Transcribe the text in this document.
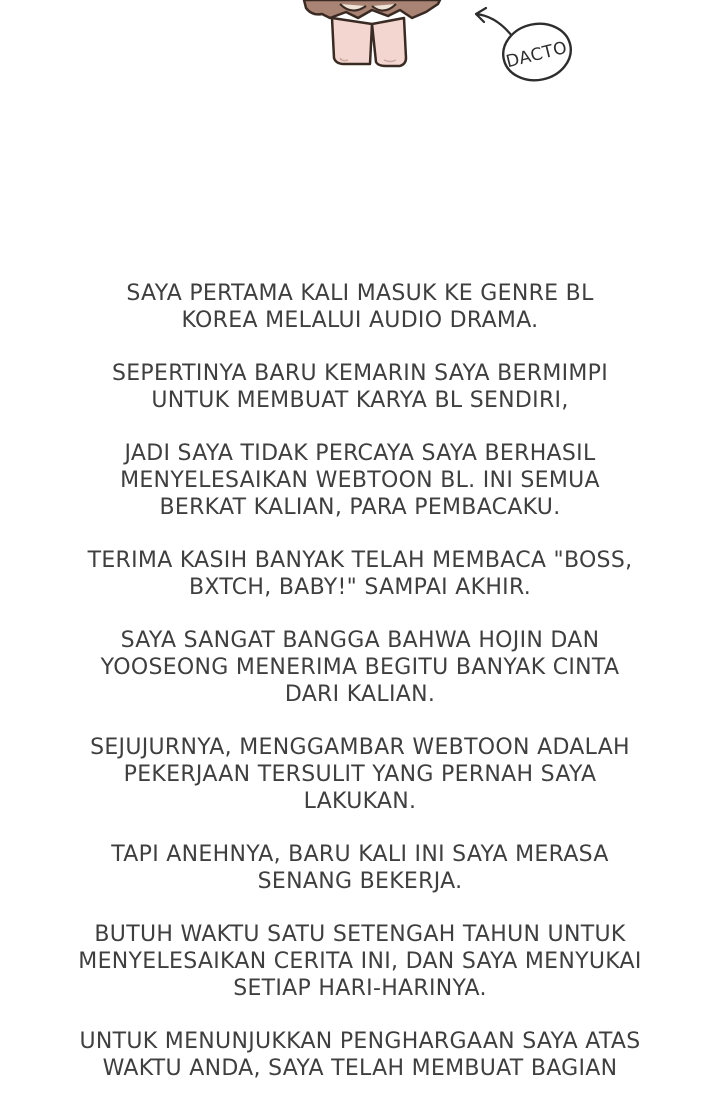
DACTO

SAYA PERTAMA KALI MASUK KE GENRE BL
KOREA MELALUI AUDIO DRAMA.

SEPERTINYA BARU KEMARIN SAYA BERMIMPI
UNTUK MEMBUAT KARYA BL SENDIRI,

JADI SAYA TIDAK PERCAYA SAYA BERHASIL
MENYELESAIKAN WEBTOON BL. INI SEMUA
BERKAT KALIAN, PARA PEMBACAKU.

TERIMA KASIH BANYAK TELAH MEMBACA "BOSS,
BXTCH, BABY!" SAMPAI AKHIR.

SAYA SANGAT BANGGA BAHWA HOJIN DAN
YOOSEONG MENERIMA BEGITU BANYAK CINTA
DARI KALIAN.

SEJUJURNYA, MENGGAMBAR WEBTOON ADALAH
PEKERJAAN TERSULIT YANG PERNAH SAYA
LAKUKAN.

TAPI ANEHNYA, BARU KALI INI SAYA MERASA
SENANG BEKERJA.

BUTUH WAKTU SATU SETENGAH TAHUN UNTUK
MENYELESAIKAN CERITA INI, DAN SAYA MENYUKAI
SETIAP HARI-HARINYA.

UNTUK MENUNJUKKAN PENGHARGAAN SAYA ATAS
WAKTU ANDA, SAYA TELAH MEMBUAT BAGIAN
